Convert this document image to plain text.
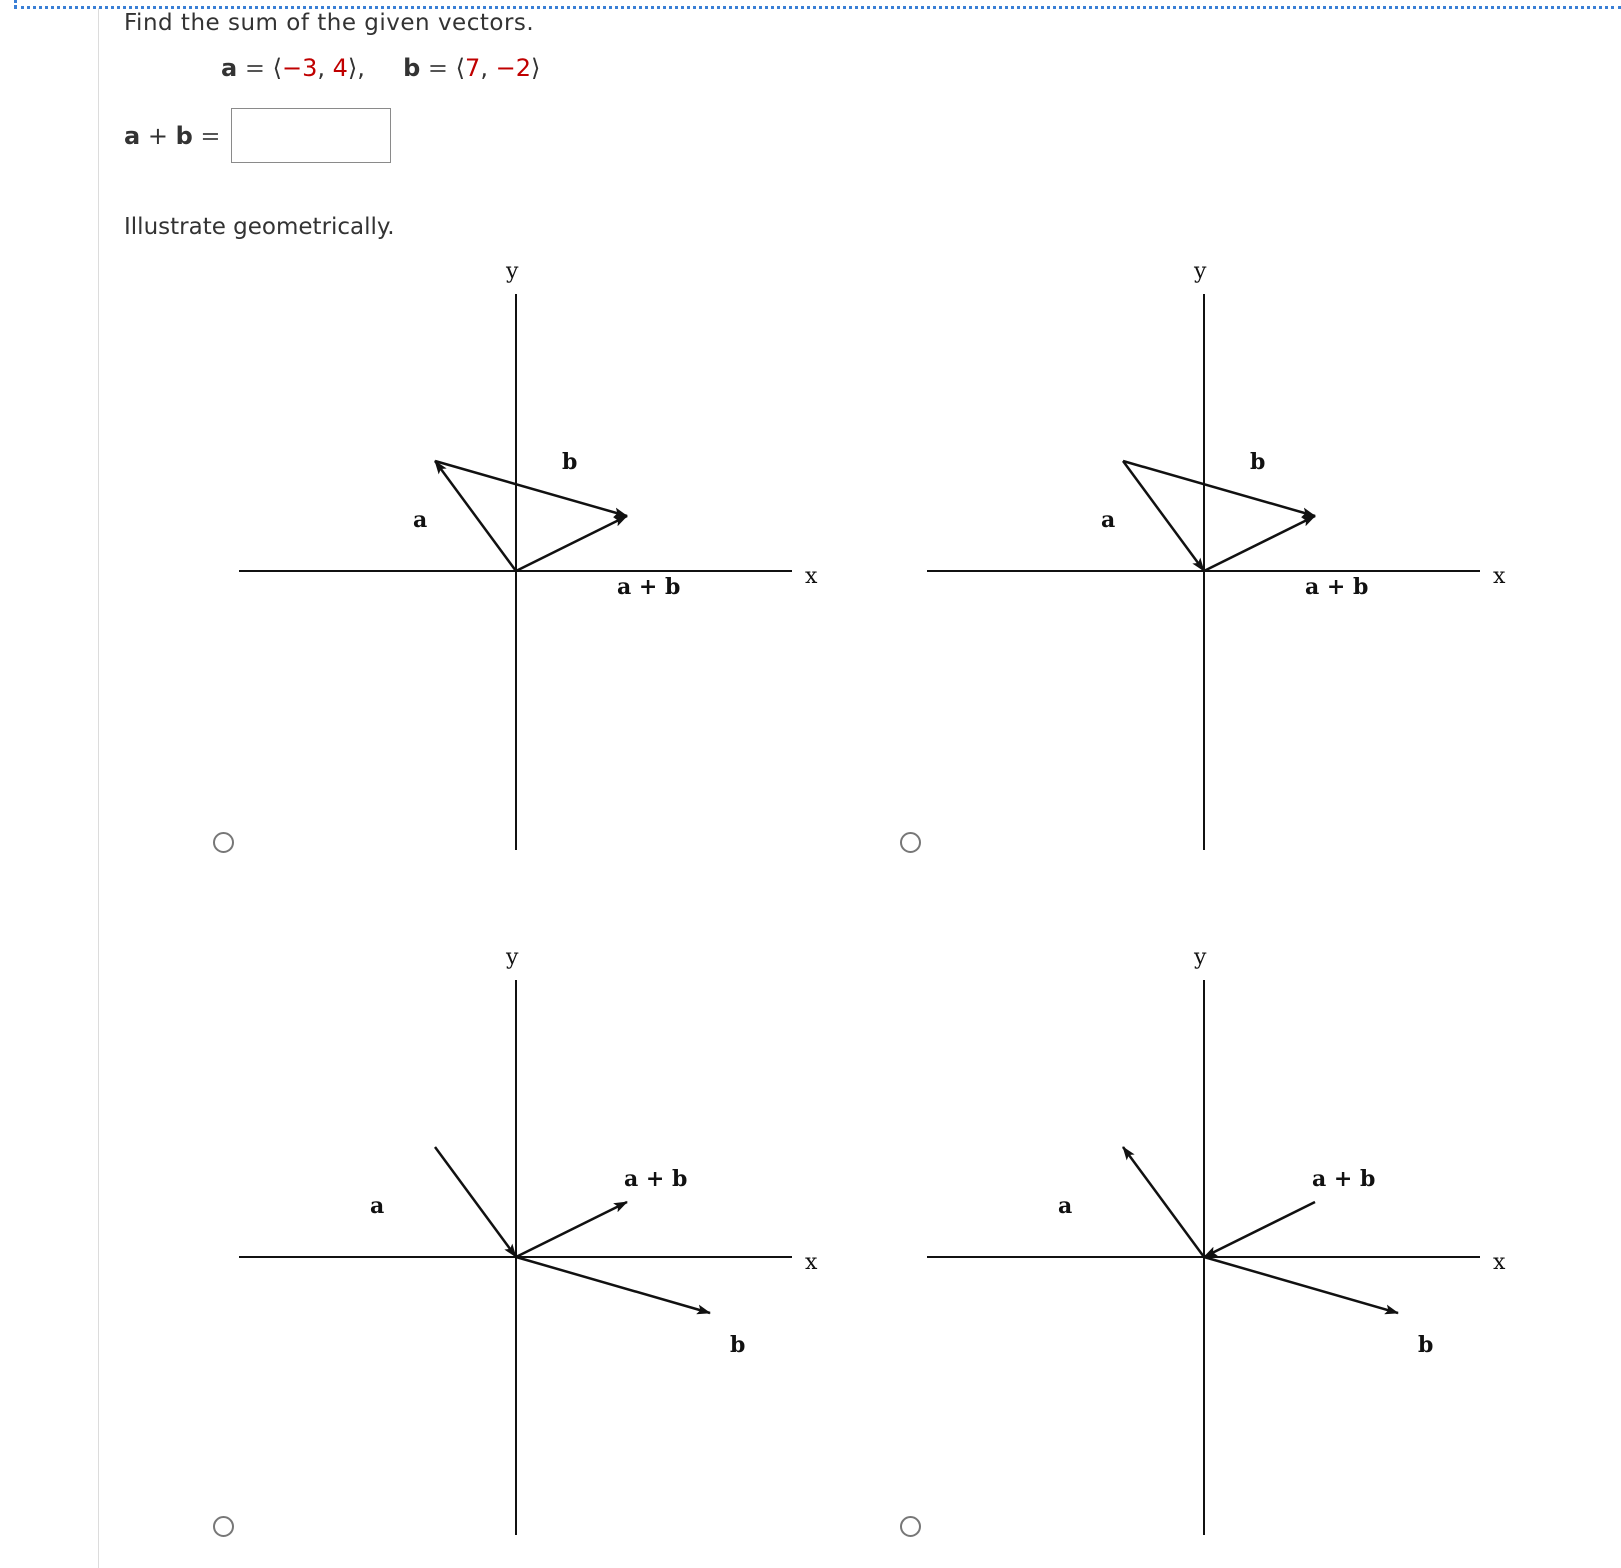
Find the sum of the given vectors.
a = ⟨−3, 4⟩, b = ⟨7, −2⟩
a + b =
Illustrate geometrically.
y
x
a
b
a + b
y
x
a
b
a + b
y
x
a
b
a + b
y
x
a
b
a + b
